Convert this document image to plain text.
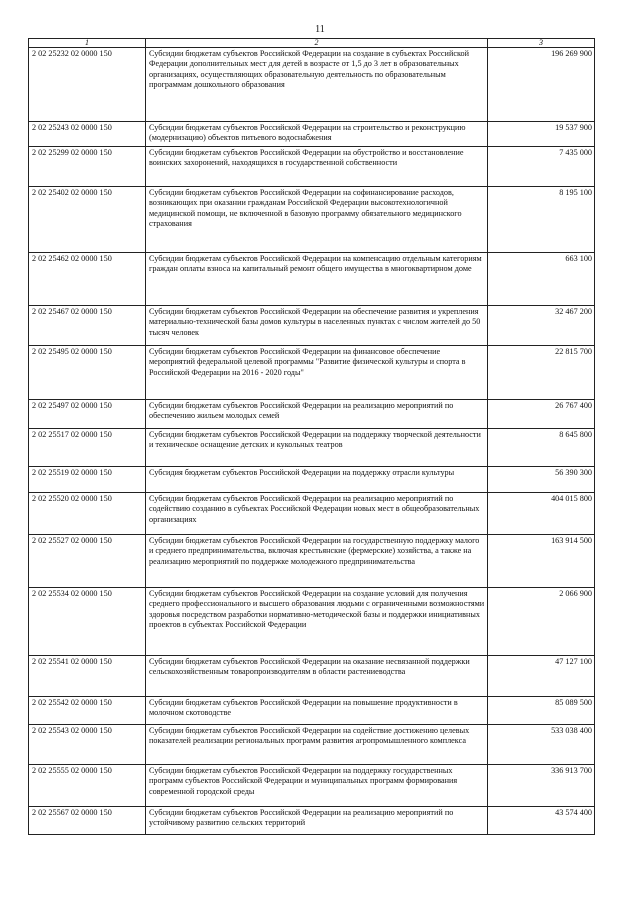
11
1	2	3
2 02 25232 02 0000 150	Субсидии бюджетам субъектов Российской Федерации на создание в субъектах Российской Федерации дополнительных мест для детей в возрасте от 1,5 до 3 лет в образовательных организациях, осуществляющих образовательную деятельность по образовательным программам дошкольного образования	196 269 900
2 02 25243 02 0000 150	Субсидии бюджетам субъектов Российской Федерации на строительство и реконструкцию (модернизацию) объектов питьевого водоснабжения	19 537 900
2 02 25299 02 0000 150	Субсидии бюджетам субъектов Российской Федерации на обустройство и восстановление воинских захоронений, находящихся в государственной собственности	7 435 000
2 02 25402 02 0000 150	Субсидии бюджетам субъектов Российской Федерации на софинансирование расходов, возникающих при оказании гражданам Российской Федерации высокотехнологичной медицинской помощи, не включенной в базовую программу обязательного медицинского страхования	8 195 100
2 02 25462 02 0000 150	Субсидии бюджетам субъектов Российской Федерации на компенсацию отдельным категориям граждан оплаты взноса на капитальный ремонт общего имущества в многоквартирном доме	663 100
2 02 25467 02 0000 150	Субсидии бюджетам субъектов Российской Федерации на обеспечение развития и укрепления материально-технической базы домов культуры в населенных пунктах с числом жителей до 50 тысяч человек	32 467 200
2 02 25495 02 0000 150	Субсидии бюджетам субъектов Российской Федерации на финансовое обеспечение мероприятий федеральной целевой программы "Развитие физической культуры и спорта в Российской Федерации на 2016 - 2020 годы"	22 815 700
2 02 25497 02 0000 150	Субсидии бюджетам субъектов Российской Федерации на реализацию мероприятий по обеспечению жильем молодых семей	26 767 400
2 02 25517 02 0000 150	Субсидии бюджетам субъектов Российской Федерации на поддержку творческой деятельности и техническое оснащение детских и кукольных театров	8 645 800
2 02 25519 02 0000 150	Субсидия бюджетам субъектов Российской Федерации на поддержку отрасли культуры	56 390 300
2 02 25520 02 0000 150	Субсидии бюджетам субъектов Российской Федерации на реализацию мероприятий по содействию созданию в субъектах Российской Федерации новых мест в общеобразовательных организациях	404 015 800
2 02 25527 02 0000 150	Субсидии бюджетам субъектов Российской Федерации на государственную поддержку малого и среднего предпринимательства, включая крестьянские (фермерские) хозяйства, а также на реализацию мероприятий по поддержке молодежного предпринимательства	163 914 500
2 02 25534 02 0000 150	Субсидии бюджетам субъектов Российской Федерации на создание условий для получения среднего профессионального и высшего образования людьми с ограниченными возможностями здоровья посредством разработки нормативно-методической базы и поддержки инициативных проектов в субъектах Российской Федерации	2 066 900
2 02 25541 02 0000 150	Субсидии бюджетам субъектов Российской Федерации на оказание несвязанной поддержки сельскохозяйственным товаропроизводителям в области растениеводства	47 127 100
2 02 25542 02 0000 150	Субсидии бюджетам субъектов Российской Федерации на повышение продуктивности в молочном скотоводстве	85 089 500
2 02 25543 02 0000 150	Субсидии бюджетам субъектов Российской Федерации на содействие достижению целевых показателей реализации региональных программ развития агропромышленного комплекса	533 038 400
2 02 25555 02 0000 150	Субсидии бюджетам субъектов Российской Федерации на поддержку государственных программ субъектов Российской Федерации и муниципальных программ формирования современной городской среды	336 913 700
2 02 25567 02 0000 150	Субсидии бюджетам субъектов Российской Федерации на реализацию мероприятий по устойчивому развитию сельских территорий	43 574 400
